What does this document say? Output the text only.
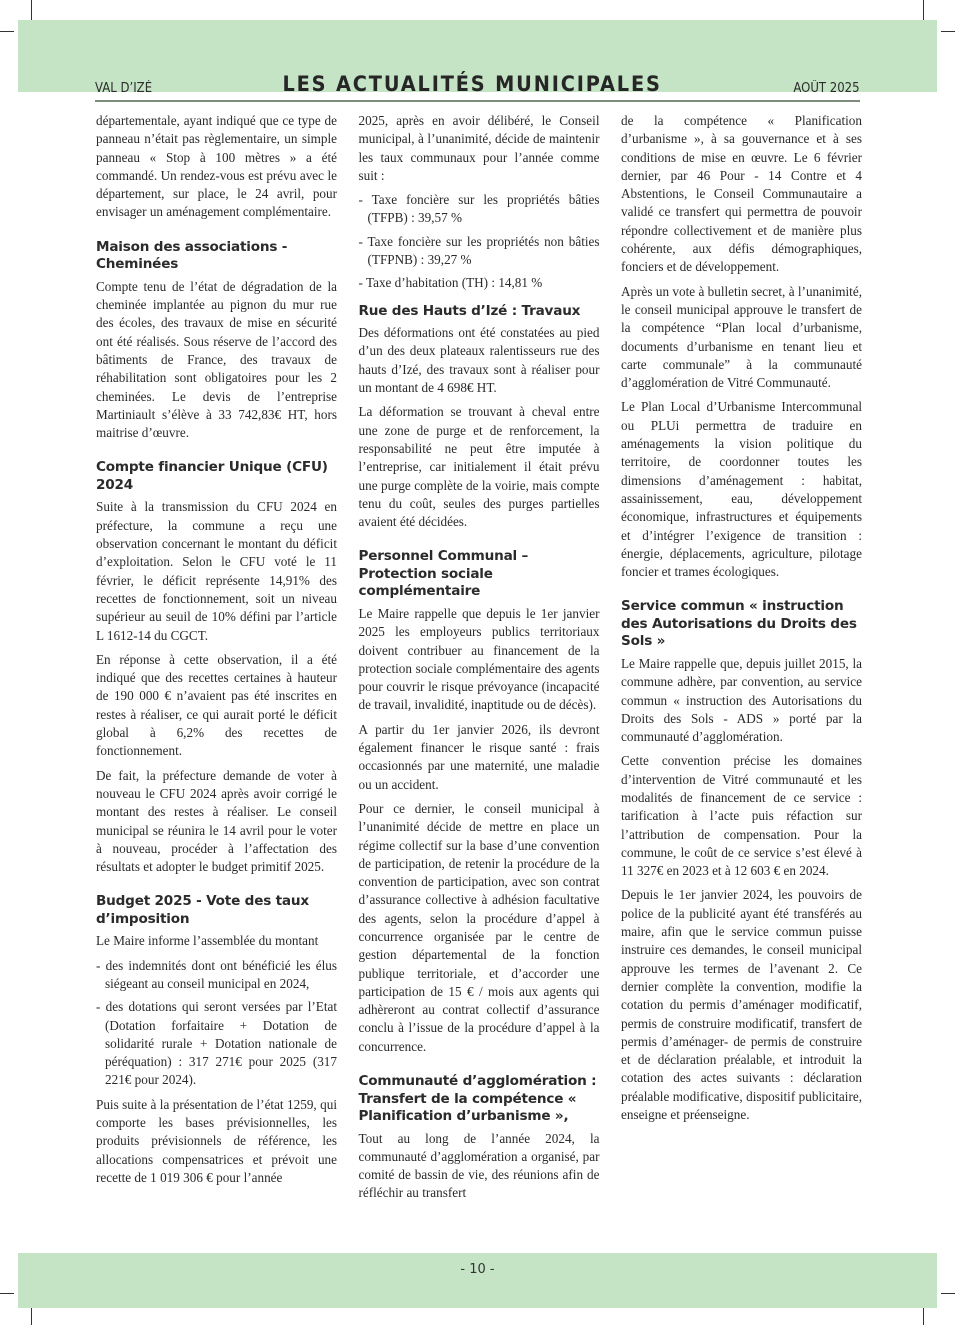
VAL D’IZÉ	LES ACTUALITÉS MUNICIPALES	AOÛT 2025

départementale, ayant indiqué que ce type de panneau n’était pas règlementaire, un simple panneau « Stop à 100 mètres » a été commandé. Un rendez-vous est prévu avec le département, sur place, le 24 avril, pour envisager un aménagement complémentaire.

Maison des associations - Cheminées

Compte tenu de l’état de dégradation de la cheminée implantée au pignon du mur rue des écoles, des travaux de mise en sécurité ont été réalisés. Sous réserve de l’accord des bâtiments de France, des travaux de réhabilitation sont obligatoires pour les 2 cheminées. Le devis de l’entreprise Martiniault s’élève à 33 742,83€ HT, hors maitrise d’œuvre.

Compte financier Unique (CFU) 2024

Suite à la transmission du CFU 2024 en préfecture, la commune a reçu une observation concernant le montant du déficit d’exploitation. Selon le CFU voté le 11 février, le déficit représente 14,91% des recettes de fonctionnement, soit un niveau supérieur au seuil de 10% défini par l’article L 1612-14 du CGCT.

En réponse à cette observation, il a été indiqué que des recettes certaines à hauteur de 190 000 € n’avaient pas été inscrites en restes à réaliser, ce qui aurait porté le déficit global à 6,2% des recettes de fonctionnement.

De fait, la préfecture demande de voter à nouveau le CFU 2024 après avoir corrigé le montant des restes à réaliser. Le conseil municipal se réunira le 14 avril pour le voter à nouveau, procéder à l’affectation des résultats et adopter le budget primitif 2025.

Budget 2025 - Vote des taux d’imposition

Le Maire informe l’assemblée du montant

- des indemnités dont ont bénéficié les élus siégeant au conseil municipal en 2024,
- des dotations qui seront versées par l’Etat (Dotation forfaitaire + Dotation de solidarité rurale + Dotation nationale de péréquation) : 317 271€ pour 2025 (317 221€ pour 2024).

Puis suite à la présentation de l’état 1259, qui comporte les bases prévisionnelles, les produits prévisionnels de référence, les allocations compensatrices et prévoit une recette de 1 019 306 € pour l’année

2025, après en avoir délibéré, le Conseil municipal, à l’unanimité, décide de maintenir les taux communaux pour l’année comme suit :

- Taxe foncière sur les propriétés bâties (TFPB) : 39,57 %
- Taxe foncière sur les propriétés non bâties (TFPNB) : 39,27 %
- Taxe d’habitation (TH) : 14,81 %
Rue des Hauts d’Izé : Travaux

Des déformations ont été constatées au pied d’un des deux plateaux ralentisseurs rue des hauts d’Izé, des travaux sont à réaliser pour un montant de 4 698€ HT.

La déformation se trouvant à cheval entre une zone de purge et de renforcement, la responsabilité ne peut être imputée à l’entreprise, car initialement il était prévu une purge complète de la voirie, mais compte tenu du coût, seules des purges partielles avaient été décidées.

Personnel Communal – Protection sociale complémentaire

Le Maire rappelle que depuis le 1er janvier 2025 les employeurs publics territoriaux doivent contribuer au financement de la protection sociale complémentaire des agents pour couvrir le risque prévoyance (incapacité de travail, invalidité, inaptitude ou de décès).

A partir du 1er janvier 2026, ils devront également financer le risque santé : frais occasionnés par une maternité, une maladie ou un accident.

Pour ce dernier, le conseil municipal à l’unanimité décide de mettre en place un régime collectif sur la base d’une convention de participation, de retenir la procédure de la convention de participation, avec son contrat d’assurance collective à adhésion facultative des agents, selon la procédure d’appel à concurrence organisée par le centre de gestion départemental de la fonction publique territoriale, et d’accorder une participation de 15 € / mois aux agents qui adhèreront au contrat collectif d’assurance conclu à l’issue de la procédure d’appel à la concurrence.

Communauté d’agglomération : Transfert de la compétence « Planification d’urbanisme »,

Tout au long de l’année 2024, la communauté d’agglomération a organisé, par comité de bassin de vie, des réunions afin de réfléchir au transfert

de la compétence « Planification d’urbanisme », à sa gouvernance et à ses conditions de mise en œuvre. Le 6 février dernier, par 46 Pour - 14 Contre et 4 Abstentions, le Conseil Communautaire a validé ce transfert qui permettra de pouvoir répondre collectivement et de manière plus cohérente, aux défis démographiques, fonciers et de développement.

Après un vote à bulletin secret, à l’unanimité, le conseil municipal approuve le transfert de la compétence “Plan local d’urbanisme, documents d’urbanisme en tenant lieu et carte communale” à la communauté d’agglomération de Vitré Communauté.

Le Plan Local d’Urbanisme Intercommunal ou PLUi permettra de traduire en aménagements la vision politique du territoire, de coordonner toutes les dimensions d’aménagement : habitat, assainissement, eau, développement économique, infrastructures et équipements et d’intégrer l’exigence de transition : énergie, déplacements, agriculture, pilotage foncier et trames écologiques.

Service commun « instruction des Autorisations du Droits des Sols »

Le Maire rappelle que, depuis juillet 2015, la commune adhère, par convention, au service commun « instruction des Autorisations du Droits des Sols - ADS » porté par la communauté d’agglomération.

Cette convention précise les domaines d’intervention de Vitré communauté et les modalités de financement de ce service : tarification à l’acte puis réfaction sur l’attribution de compensation. Pour la commune, le coût de ce service s’est élevé à 11 327€ en 2023 et à 12 603 € en 2024.

Depuis le 1er janvier 2024, les pouvoirs de police de la publicité ayant été transférés au maire, afin que le service commun puisse instruire ces demandes, le conseil municipal approuve les termes de l’avenant 2. Ce dernier complète la convention, modifie la cotation du permis d’aménager modificatif, permis de construire modificatif, transfert de permis d’aménager- de permis de construire et de déclaration préalable, et introduit la cotation des actes suivants : déclaration préalable modificative, dispositif publicitaire, enseigne et préenseigne.

- 10 -
